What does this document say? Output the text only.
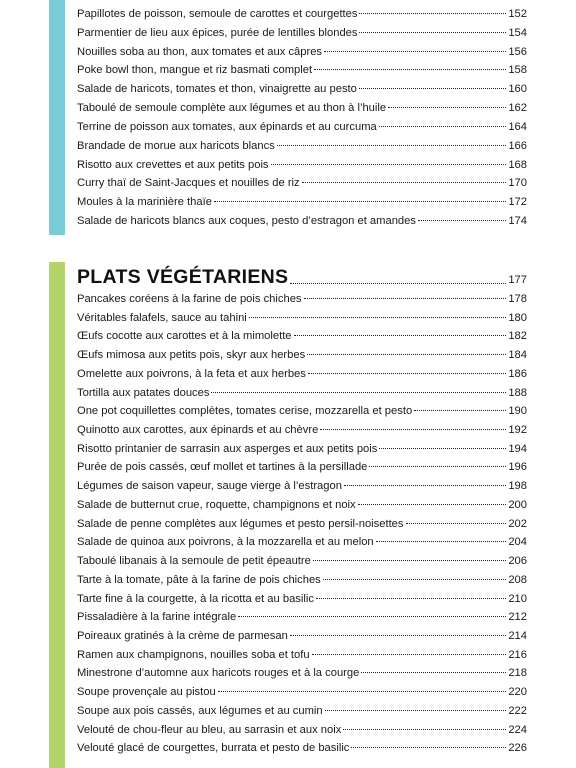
Papillotes de poisson, semoule de carottes et courgettes	152
Parmentier de lieu aux épices, purée de lentilles blondes	154
Nouilles soba au thon, aux tomates et aux câpres	156
Poke bowl thon, mangue et riz basmati complet	158
Salade de haricots, tomates et thon, vinaigrette au pesto	160
Taboulé de semoule complète aux légumes et au thon à l’huile	162
Terrine de poisson aux tomates, aux épinards et au curcuma	164
Brandade de morue aux haricots blancs	166
Risotto aux crevettes et aux petits pois	168
Curry thaï de Saint-Jacques et nouilles de riz	170
Moules à la marinière thaïe	172
Salade de haricots blancs aux coques, pesto d’estragon et amandes	174
PLATS VÉGÉTARIENS	177
Pancakes coréens à la farine de pois chiches	178
Véritables falafels, sauce au tahini	180
Œufs cocotte aux carottes et à la mimolette	182
Œufs mimosa aux petits pois, skyr aux herbes	184
Omelette aux poivrons, à la feta et aux herbes	186
Tortilla aux patates douces	188
One pot coquillettes complètes, tomates cerise, mozzarella et pesto	190
Quinotto aux carottes, aux épinards et au chèvre	192
Risotto printanier de sarrasin aux asperges et aux petits pois	194
Purée de pois cassés, œuf mollet et tartines à la persillade	196
Légumes de saison vapeur, sauge vierge à l’estragon	198
Salade de butternut crue, roquette, champignons et noix	200
Salade de penne complètes aux légumes et pesto persil-noisettes	202
Salade de quinoa aux poivrons, à la mozzarella et au melon	204
Taboulé libanais à la semoule de petit épeautre	206
Tarte à la tomate, pâte à la farine de pois chiches	208
Tarte fine à la courgette, à la ricotta et au basilic	210
Pissaladière à la farine intégrale	212
Poireaux gratinés à la crème de parmesan	214
Ramen aux champignons, nouilles soba et tofu	216
Minestrone d’automne aux haricots rouges et à la courge	218
Soupe provençale au pistou	220
Soupe aux pois cassés, aux légumes et au cumin	222
Velouté de chou-fleur au bleu, au sarrasin et aux noix	224
Velouté glacé de courgettes, burrata et pesto de basilic	226
